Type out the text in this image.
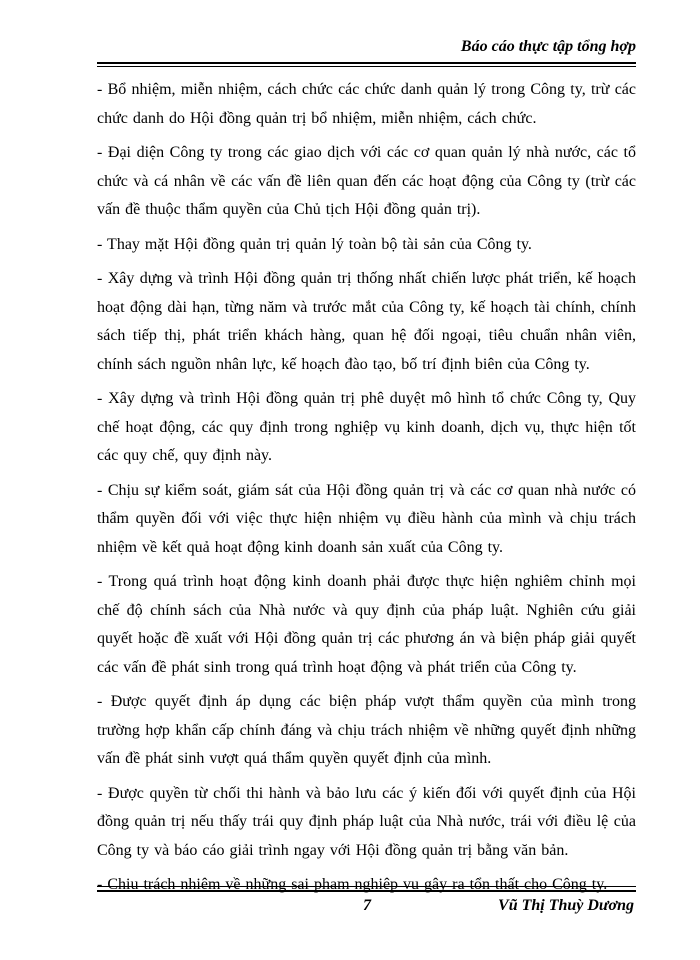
Báo cáo thực tập tổng hợp

- Bổ nhiệm, miễn nhiệm, cách chức các chức danh quản lý trong Công ty, trừ các chức danh do Hội đồng quản trị bổ nhiệm, miễn nhiệm, cách chức.

- Đại diện Công ty trong các giao dịch với các cơ quan quản lý nhà nước, các tổ chức và cá nhân về các vấn đề liên quan đến các hoạt động của Công ty (trừ các vấn đề thuộc thẩm quyền của Chủ tịch Hội đồng quản trị).

- Thay mặt Hội đồng quản trị quản lý toàn bộ tài sản của Công ty.

- Xây dựng và trình Hội đồng quản trị thống nhất chiến lược phát triển, kế hoạch hoạt động dài hạn, từng năm và trước mắt của Công ty, kế hoạch tài chính, chính sách tiếp thị, phát triển khách hàng, quan hệ đối ngoại, tiêu chuẩn nhân viên, chính sách nguồn nhân lực, kế hoạch đào tạo, bố trí định biên của Công ty.

- Xây dựng và trình Hội đồng quản trị phê duyệt mô hình tổ chức Công ty, Quy chế hoạt động, các quy định trong nghiệp vụ kinh doanh, dịch vụ, thực hiện tốt các quy chế, quy định này.

- Chịu sự kiểm soát, giám sát của Hội đồng quản trị và các cơ quan nhà nước có thẩm quyền đối với việc thực hiện nhiệm vụ điều hành của mình và chịu trách nhiệm về kết quả hoạt động kinh doanh sản xuất của Công ty.

- Trong quá trình hoạt động kinh doanh phải được thực hiện nghiêm chỉnh mọi chế độ chính sách của Nhà nước và quy định của pháp luật. Nghiên cứu giải quyết hoặc đề xuất với Hội đồng quản trị các phương án và biện pháp giải quyết các vấn đề phát sinh trong quá trình hoạt động và phát triển của Công ty.

- Được quyết định áp dụng các biện pháp vượt thẩm quyền của mình trong trường hợp khẩn cấp chính đáng và chịu trách nhiệm về những quyết định những vấn đề phát sinh vượt quá thẩm quyền quyết định của mình.

- Được quyền từ chối thi hành và bảo lưu các ý kiến đối với quyết định của Hội đồng quản trị nếu thấy trái quy định pháp luật của Nhà nước, trái với điều lệ của Công ty và báo cáo giải trình ngay với Hội đồng quản trị bằng văn bản.

- Chịu trách nhiệm về những sai phạm nghiệp vụ gây ra tổn thất cho Công ty.

7	Vũ Thị Thuỳ Dương
